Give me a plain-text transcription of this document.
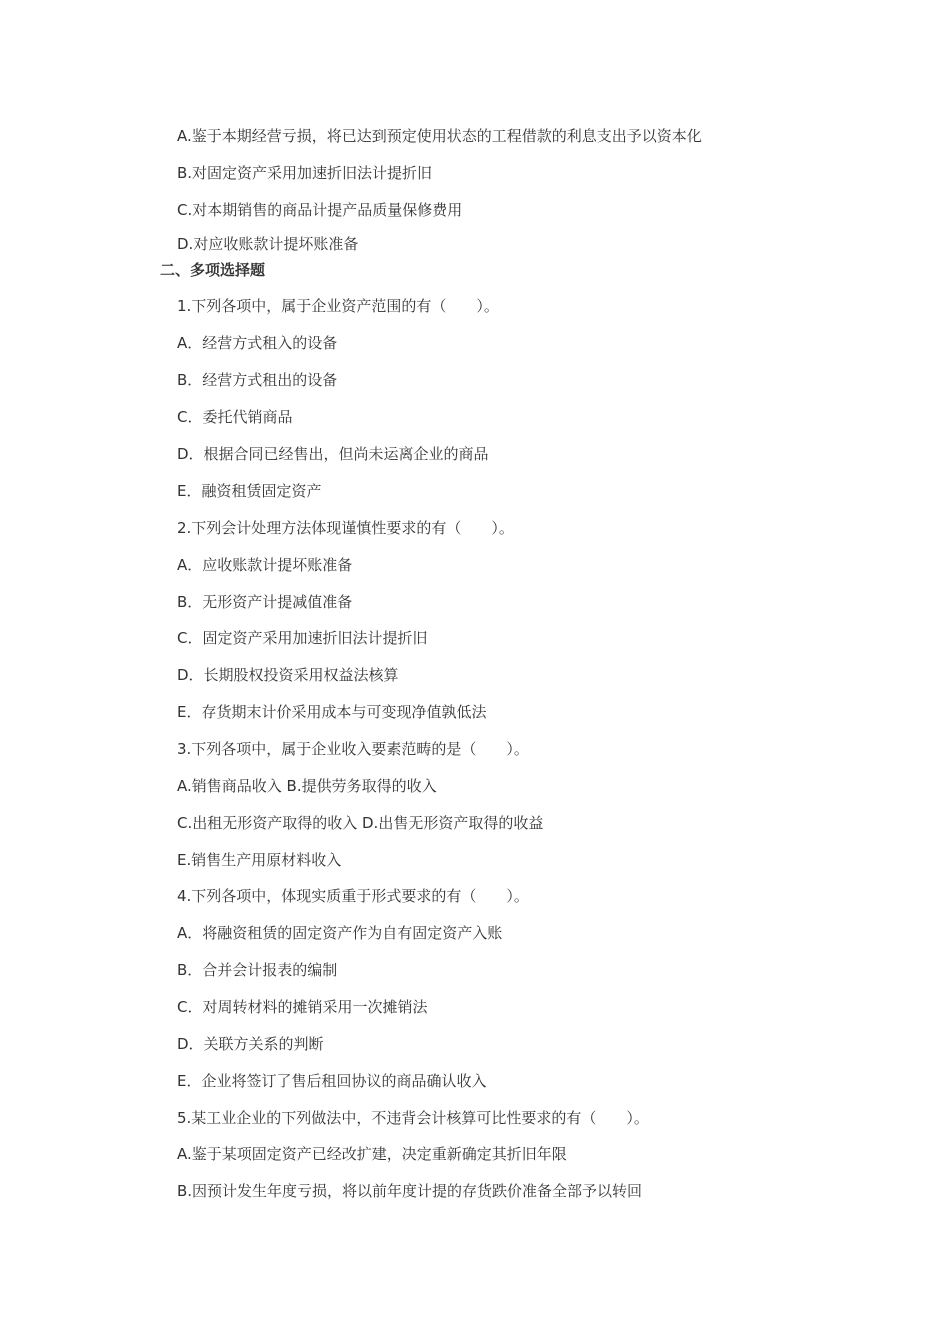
A.鉴于本期经营亏损，将已达到预定使用状态的工程借款的利息支出予以资本化
B.对固定资产采用加速折旧法计提折旧
C.对本期销售的商品计提产品质量保修费用
D.对应收账款计提坏账准备
二、多项选择题
1.下列各项中，属于企业资产范围的有（　　）。
A．经营方式租入的设备
B．经营方式租出的设备
C．委托代销商品
D．根据合同已经售出，但尚未运离企业的商品
E．融资租赁固定资产
2.下列会计处理方法体现谨慎性要求的有（　　）。
A．应收账款计提坏账准备
B．无形资产计提减值准备
C．固定资产采用加速折旧法计提折旧
D．长期股权投资采用权益法核算
E．存货期末计价采用成本与可变现净值孰低法
3.下列各项中，属于企业收入要素范畴的是（　　）。
A.销售商品收入 B.提供劳务取得的收入
C.出租无形资产取得的收入 D.出售无形资产取得的收益
E.销售生产用原材料收入
4.下列各项中，体现实质重于形式要求的有（　　）。
A．将融资租赁的固定资产作为自有固定资产入账
B．合并会计报表的编制
C．对周转材料的摊销采用一次摊销法
D．关联方关系的判断
E．企业将签订了售后租回协议的商品确认收入
5.某工业企业的下列做法中，不违背会计核算可比性要求的有（　　）。
A.鉴于某项固定资产已经改扩建，决定重新确定其折旧年限
B.因预计发生年度亏损，将以前年度计提的存货跌价准备全部予以转回
